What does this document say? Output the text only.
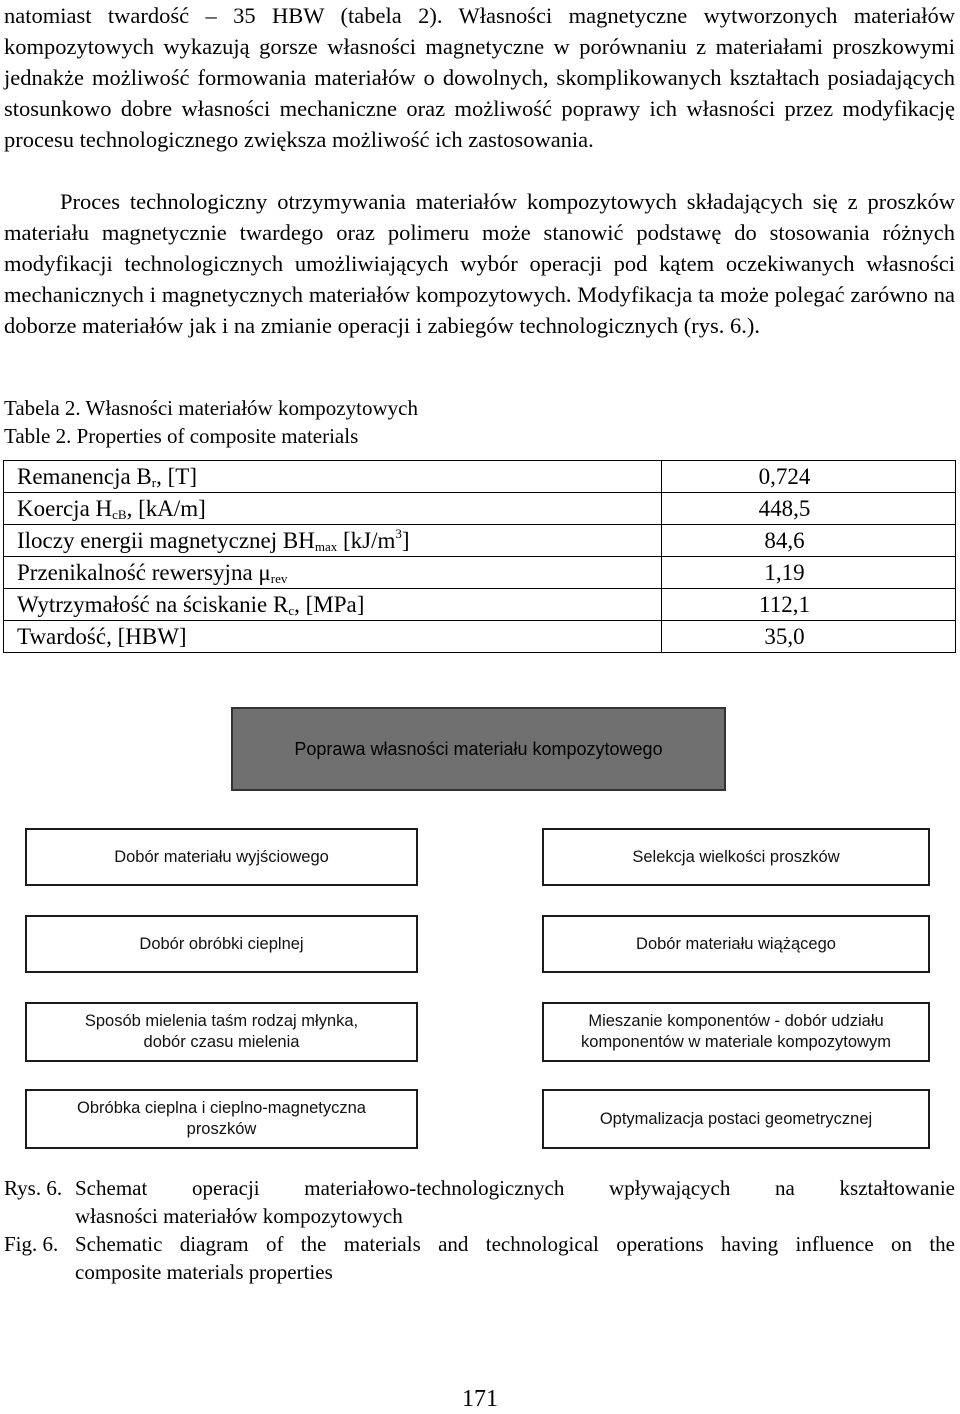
natomiast twardość – 35 HBW (tabela 2). Własności magnetyczne wytworzonych materiałów kompozytowych wykazują gorsze własności magnetyczne w porównaniu z materiałami proszkowymi jednakże możliwość formowania materiałów o dowolnych, skomplikowanych kształtach posiadających stosunkowo dobre własności mechaniczne oraz możliwość poprawy ich własności przez modyfikację procesu technologicznego zwiększa możliwość ich zastosowania.

Proces technologiczny otrzymywania materiałów kompozytowych składających się z proszków materiału magnetycznie twardego oraz polimeru może stanowić podstawę do stosowania różnych modyfikacji technologicznych umożliwiających wybór operacji pod kątem oczekiwanych własności mechanicznych i magnetycznych materiałów kompozytowych. Modyfikacja ta może polegać zarówno na doborze materiałów jak i na zmianie operacji i zabiegów technologicznych (rys. 6.).

Tabela 2. Własności materiałów kompozytowych

Table 2. Properties of composite materials

Remanencja $B_r$, [T]	0,724
Koercja $H_{cB}$, [kA/m]	448,5
Iloczy energii magnetycznej $BH_{max}$ $[kJ/m^3]$	84,6
Przenikalność rewersyjna $\mu_{rev}$	1,19
Wytrzymałość na ściskanie $R_c$, [MPa]	112,1
Twardość, [HBW]	35,0
Poprawa własności materiału kompozytowego
Dobór materiału wyjściowego
Dobór obróbki cieplnej
Sposób mielenia taśm rodzaj młynka,
dobór czasu mielenia
Obróbka cieplna i cieplno-magnetyczna
proszków
Selekcja wielkości proszków
Dobór materiału wiążącego
Mieszanie komponentów - dobór udziału
komponentów w materiale kompozytowym
Optymalizacja postaci geometrycznej
Rys. 6. Schemat operacji materiałowo-technologicznych wpływających na kształtowanie
własności materiałów kompozytowych
Fig. 6. Schematic diagram of the materials and technological operations having influence on the
composite materials properties
171
